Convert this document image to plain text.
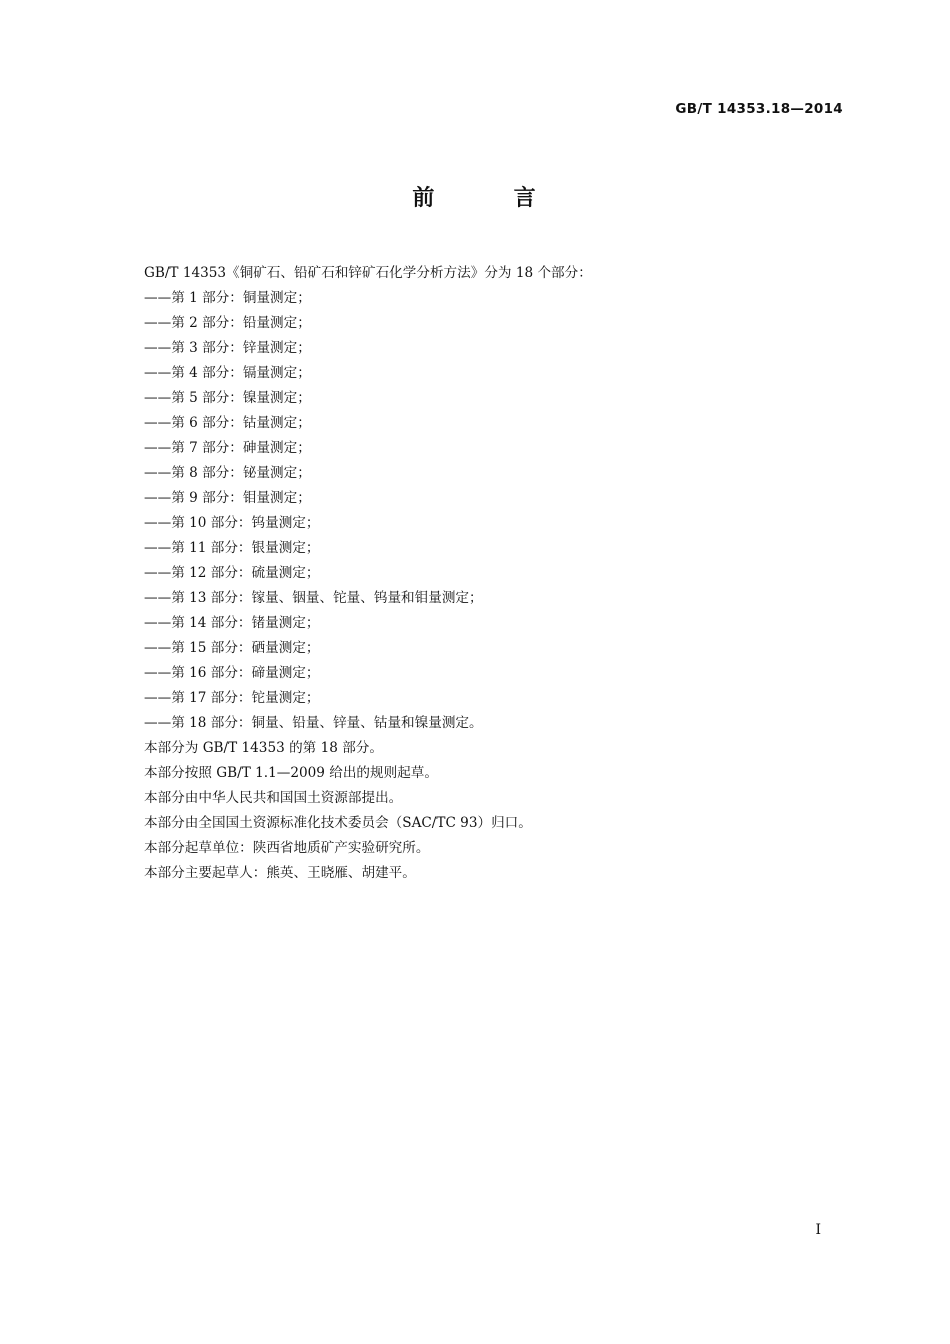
GB/T 14353.18—2014
前        言
GB/T 14353《铜矿石、铅矿石和锌矿石化学分析方法》分为 18 个部分：
——第 1 部分：铜量测定；
——第 2 部分：铅量测定；
——第 3 部分：锌量测定；
——第 4 部分：镉量测定；
——第 5 部分：镍量测定；
——第 6 部分：钴量测定；
——第 7 部分：砷量测定；
——第 8 部分：铋量测定；
——第 9 部分：钼量测定；
——第 10 部分：钨量测定；
——第 11 部分：银量测定；
——第 12 部分：硫量测定；
——第 13 部分：镓量、铟量、铊量、钨量和钼量测定；
——第 14 部分：锗量测定；
——第 15 部分：硒量测定；
——第 16 部分：碲量测定；
——第 17 部分：铊量测定；
——第 18 部分：铜量、铅量、锌量、钴量和镍量测定。
本部分为 GB/T 14353 的第 18 部分。
本部分按照 GB/T 1.1—2009 给出的规则起草。
本部分由中华人民共和国国土资源部提出。
本部分由全国国土资源标准化技术委员会（SAC/TC 93）归口。
本部分起草单位：陕西省地质矿产实验研究所。
本部分主要起草人：熊英、王晓雁、胡建平。
I
